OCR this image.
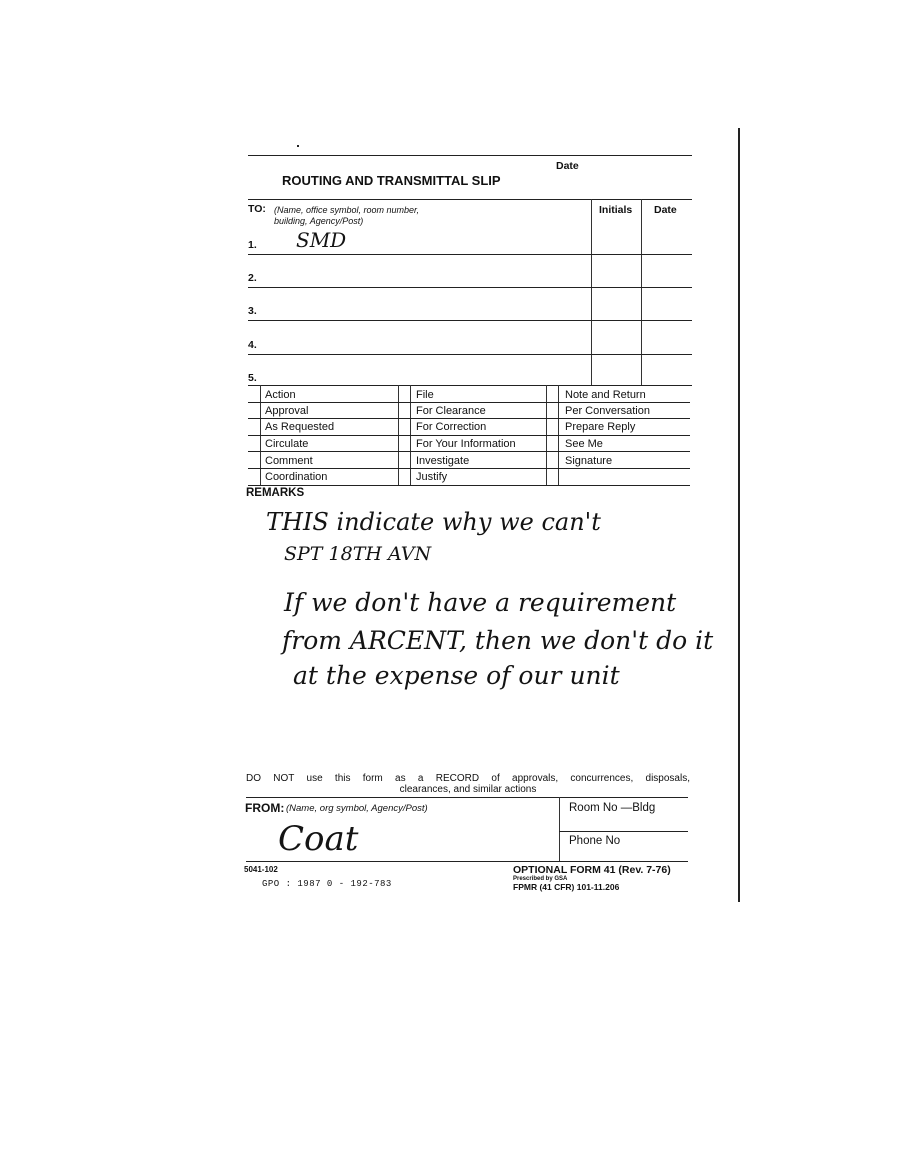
Date
ROUTING AND TRANSMITTAL SLIP
TO: (Name, office symbol, room number,
building, Agency/Post)
Initials Date
1. SMD
2.
3.
4.
5.
Action
Approval
As Requested
Circulate
Comment
Coordination
File
For Clearance
For Correction
For Your Information
Investigate
Justify
Note and Return
Per Conversation
Prepare Reply
See Me
Signature
REMARKS
THIS indicate why we can't
SPT 18TH AVN
If we don't have a requirement
from ARCENT, then we don't do it
at the expense of our unit
DO NOT use this form as a RECORD of approvals, concurrences, disposals,
clearances, and similar actions
FROM: (Name, org symbol, Agency/Post)
Coat
Room No —Bldg
Phone No
5041-102
GPO : 1987 0 - 192-783
OPTIONAL FORM 41 (Rev. 7-76)
Prescribed by GSA
FPMR (41 CFR) 101-11.206
